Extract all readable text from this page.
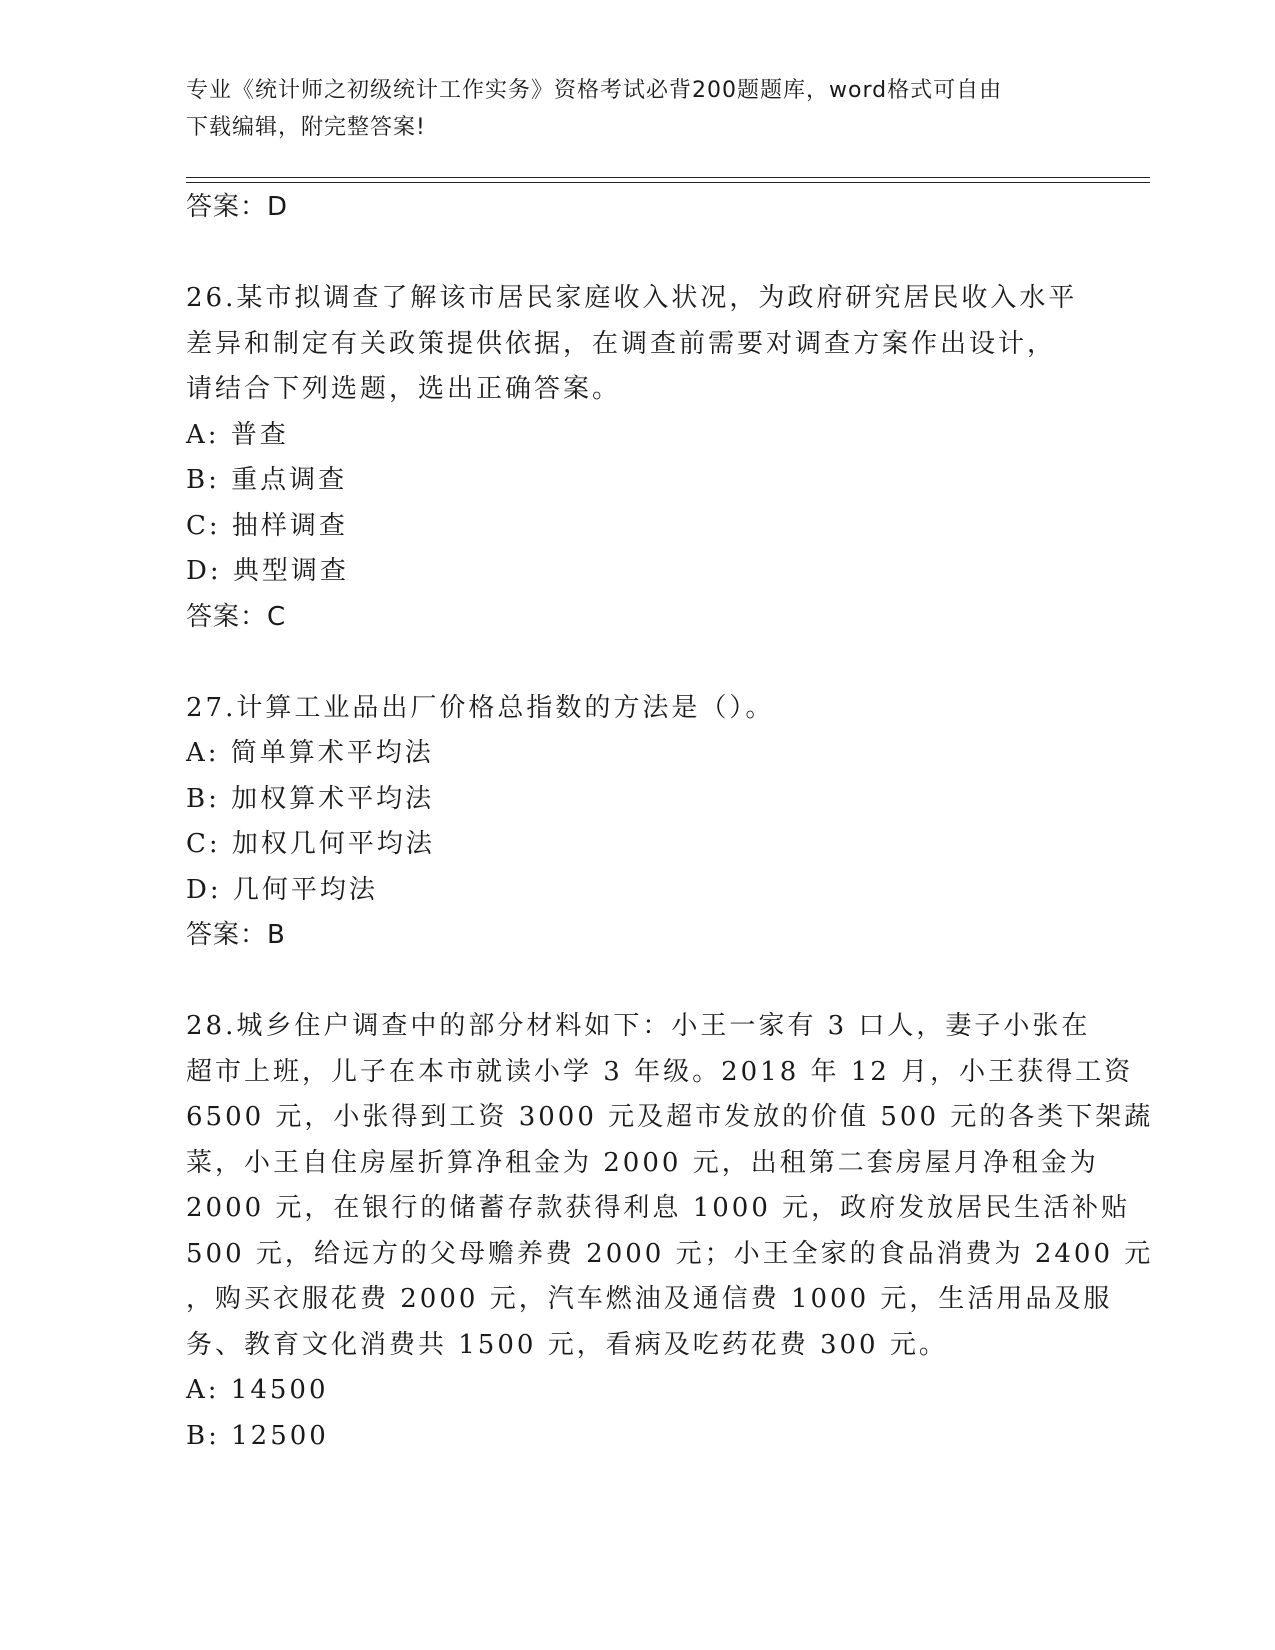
专业《统计师之初级统计工作实务》资格考试必背200题题库，word格式可自由
下载编辑，附完整答案!
答案：D
26.某市拟调查了解该市居民家庭收入状况，为政府研究居民收入水平
差异和制定有关政策提供依据，在调查前需要对调查方案作出设计，
请结合下列选题，选出正确答案。
A: 普查
B: 重点调查
C: 抽样调查
D: 典型调查
答案：C
27.计算工业品出厂价格总指数的方法是（）。
A: 简单算术平均法
B: 加权算术平均法
C: 加权几何平均法
D: 几何平均法
答案：B
28.城乡住户调查中的部分材料如下：小王一家有 3 口人，妻子小张在
超市上班，儿子在本市就读小学 3 年级。2018 年 12 月，小王获得工资
6500 元，小张得到工资 3000 元及超市发放的价值 500 元的各类下架蔬
菜，小王自住房屋折算净租金为 2000 元，出租第二套房屋月净租金为
2000 元，在银行的储蓄存款获得利息 1000 元，政府发放居民生活补贴
500 元，给远方的父母赡养费 2000 元；小王全家的食品消费为 2400 元
，购买衣服花费 2000 元，汽车燃油及通信费 1000 元，生活用品及服
务、教育文化消费共 1500 元，看病及吃药花费 300 元。
A: 14500
B: 12500
